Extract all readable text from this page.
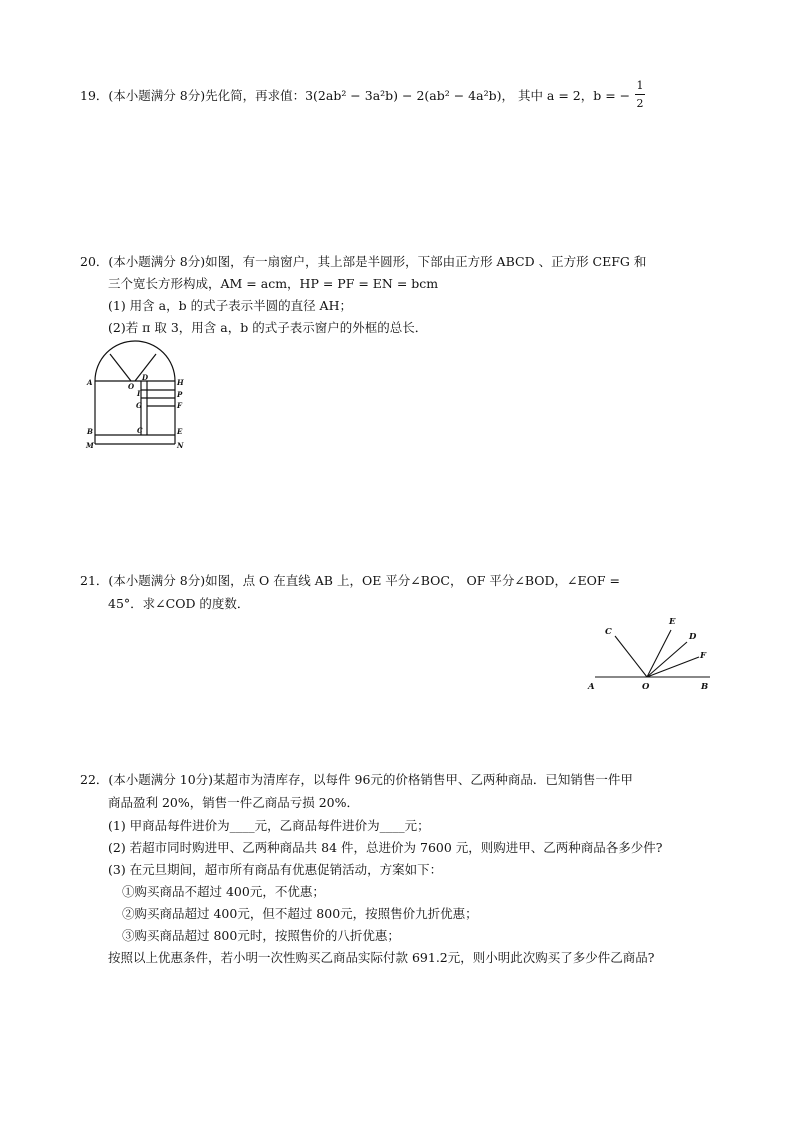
19．(本小题满分 8分)先化简，再求值：3(2ab² − 3a²b) − 2(ab² − 4a²b)， 其中 a = 2，b = −
1
2
20．(本小题满分 8分)如图，有一扇窗户，其上部是半圆形，下部由正方形 ABCD 、正方形 CEFG 和
三个宽长方形构成，AM = acm，HP = PF = EN = bcm
(1) 用含 a，b 的式子表示半圆的直径 AH；
(2)若 π 取 3，用含 a，b 的式子表示窗户的外框的总长．
A	O
D
H
I	P
G	F
B	C	E
M	N
21．(本小题满分 8分)如图，点 O 在直线 AB 上，OE 平分∠BOC， OF 平分∠BOD，∠EOF =
45°．求∠COD 的度数．
C
E
D
F
A	O	B
22．(本小题满分 10分)某超市为清库存，以每件 96元的价格销售甲、乙两种商品．已知销售一件甲
商品盈利 20%，销售一件乙商品亏损 20%．
(1) 甲商品每件进价为____元，乙商品每件进价为____元；
(2) 若超市同时购进甲、乙两种商品共 84 件，总进价为 7600 元，则购进甲、乙两种商品各多少件?
(3) 在元旦期间，超市所有商品有优惠促销活动，方案如下：
①购买商品不超过 400元，不优惠；
②购买商品超过 400元，但不超过 800元，按照售价九折优惠；
③购买商品超过 800元时，按照售价的八折优惠；
按照以上优惠条件，若小明一次性购买乙商品实际付款 691.2元，则小明此次购买了多少件乙商品?
